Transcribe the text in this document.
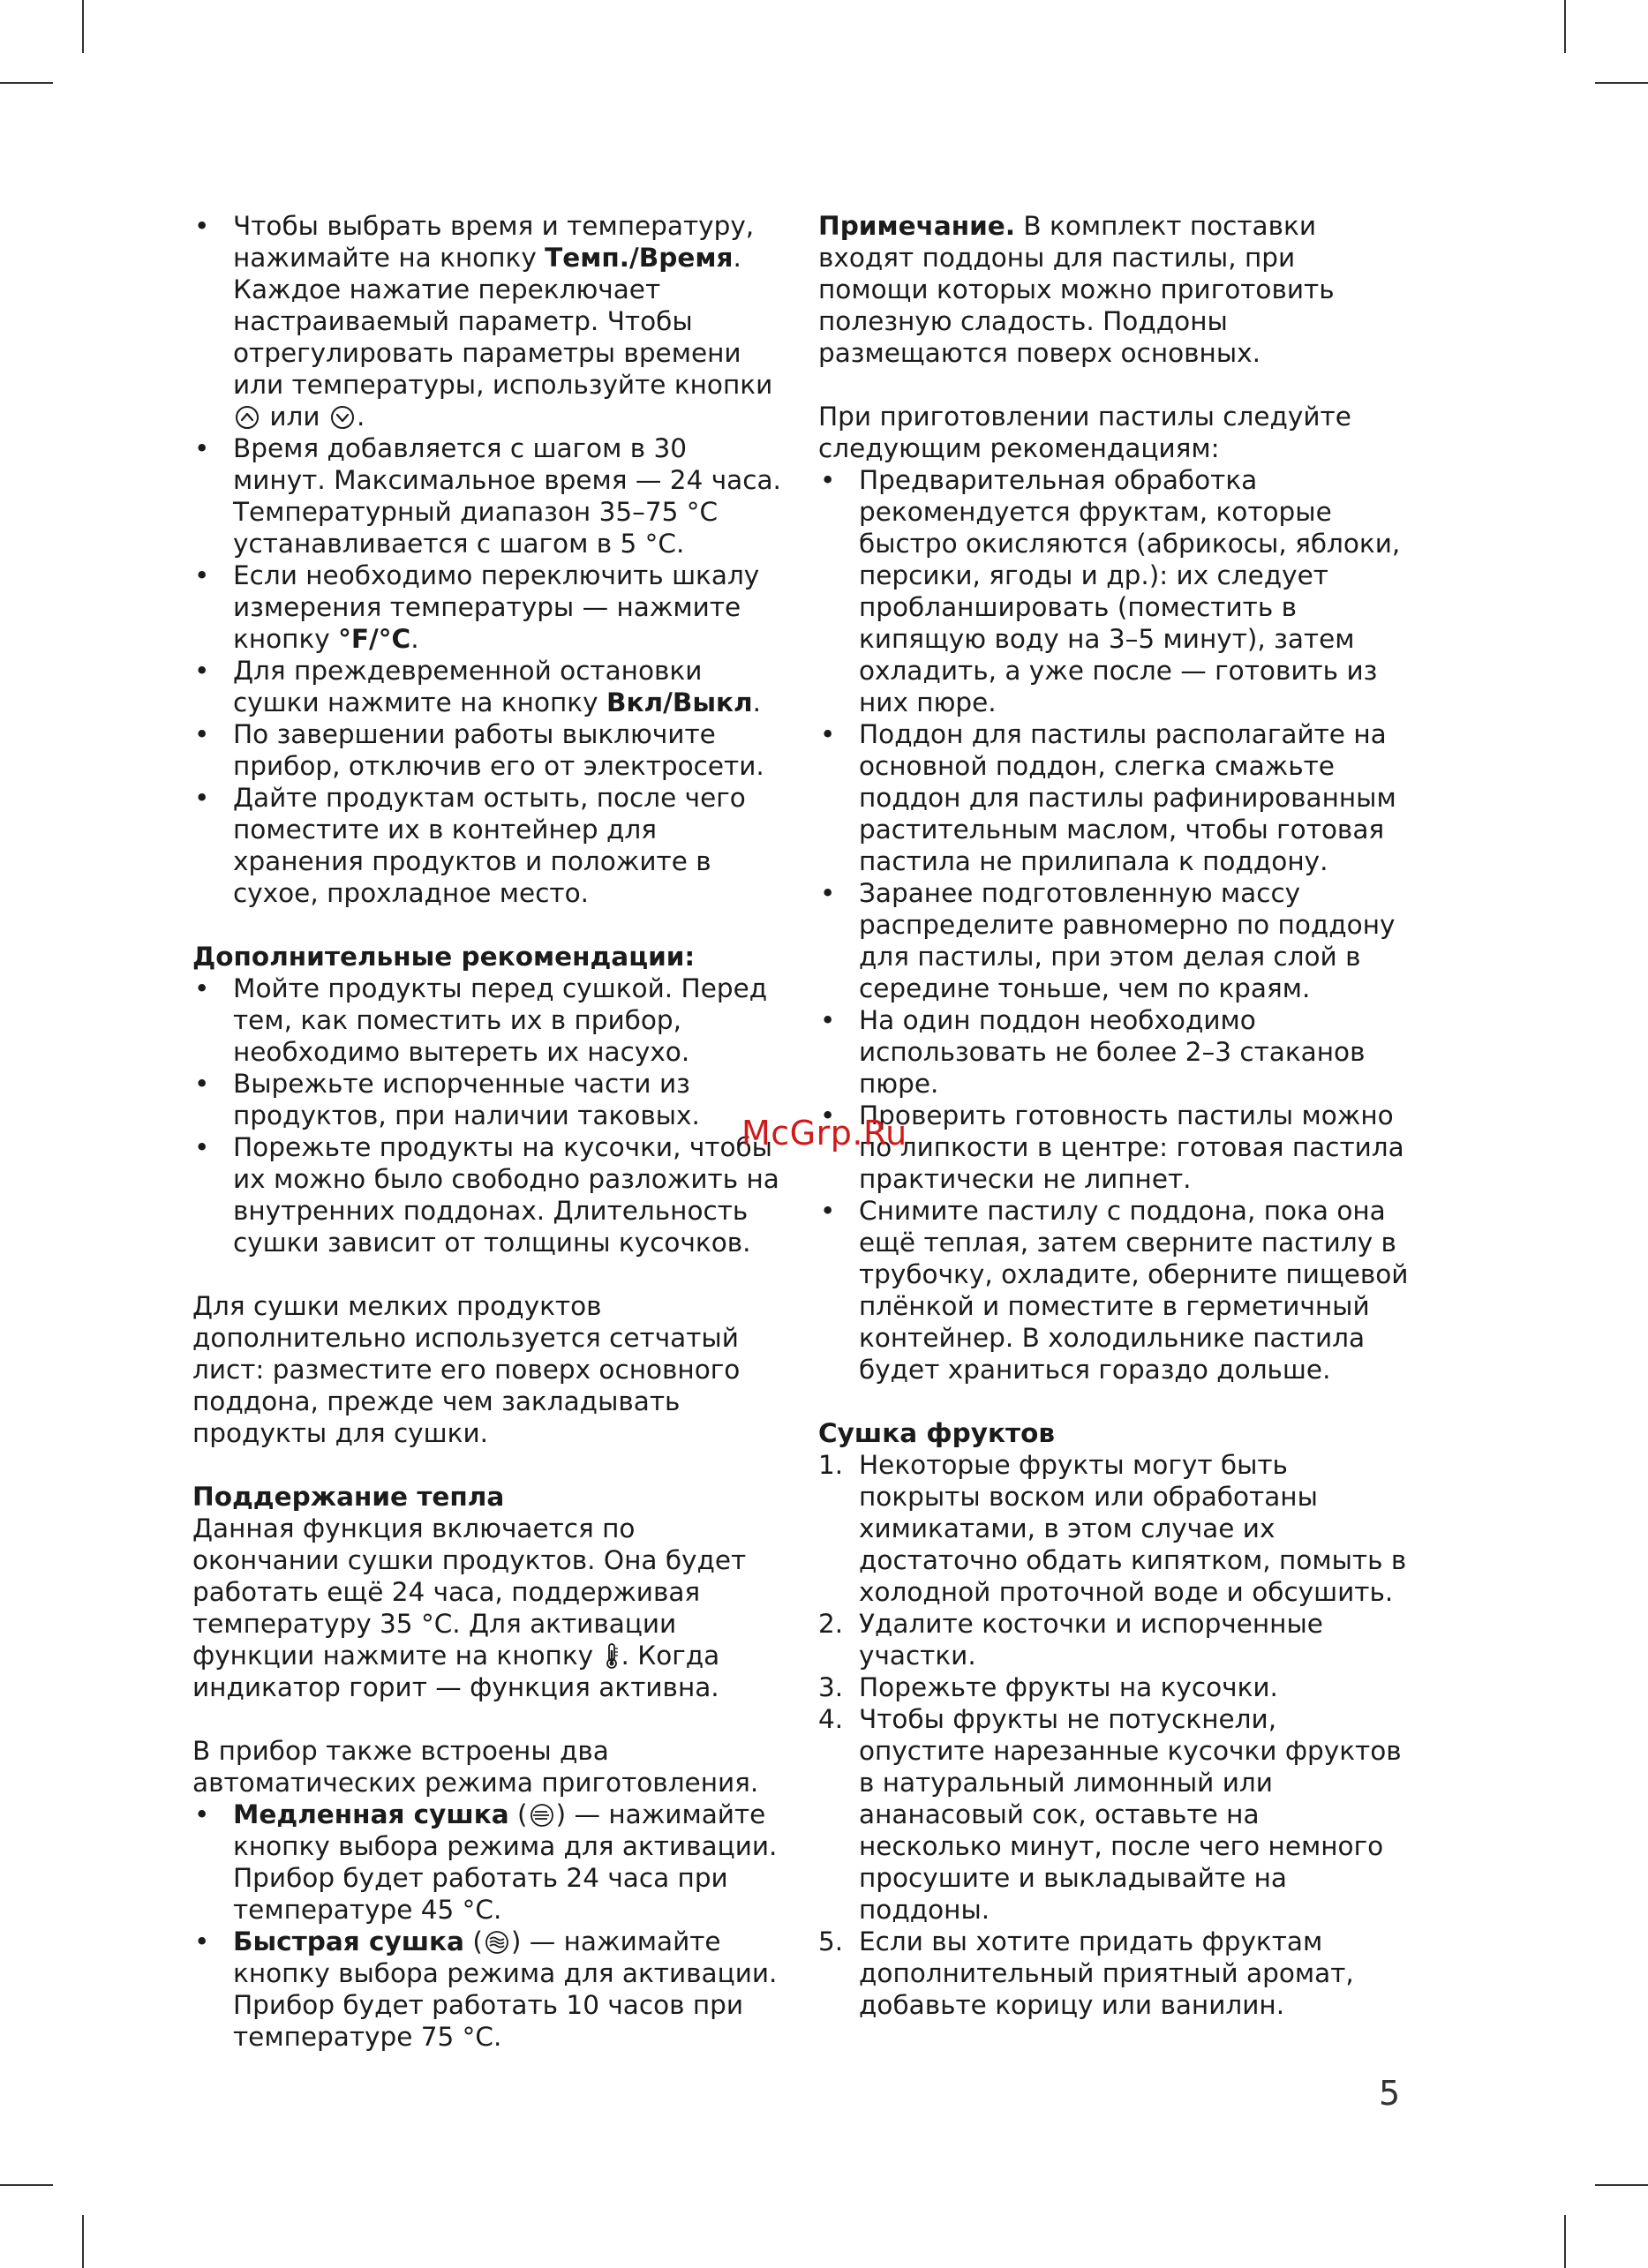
• Чтобы выбрать время и температуру, нажимайте на кнопку Темп./Время. Каждое нажатие переключает настраиваемый параметр. Чтобы отрегулировать параметры времени или температуры, используйте кнопки  или .
• Время добавляется с шагом в 30 минут. Максимальное время — 24 часа. Температурный диапазон 35–75 °C устанавливается с шагом в 5 °C.
• Если необходимо переключить шкалу измерения температуры — нажмите кнопку °F/°C.
• Для преждевременной остановки сушки нажмите на кнопку Вкл/Выкл.
• По завершении работы выключите прибор, отключив его от электросети.
• Дайте продуктам остыть, после чего поместите их в контейнер для хранения продуктов и положите в сухое, прохладное место.

Дополнительные рекомендации:

• Мойте продукты перед сушкой. Перед тем, как поместить их в прибор, необходимо вытереть их насухо.
• Вырежьте испорченные части из продуктов, при наличии таковых.
• Порежьте продукты на кусочки, чтобы их можно было свободно разложить на внутренних поддонах. Длительность сушки зависит от толщины кусочков.

Для сушки мелких продуктов дополнительно используется сетчатый лист: разместите его поверх основного поддона, прежде чем закладывать продукты для сушки.

Поддержание тепла

Данная функция включается по окончании сушки продуктов. Она будет работать ещё 24 часа, поддерживая температуру 35 °C. Для активации функции нажмите на кнопку . Когда индикатор горит — функция активна.

В прибор также встроены два автоматических режима приготовления.

• Медленная сушка ( ) — нажимайте кнопку выбора режима для активации. Прибор будет работать 24 часа при температуре 45 °C.
• Быстрая сушка ( ) — нажимайте кнопку выбора режима для активации. Прибор будет работать 10 часов при температуре 75 °C.

Примечание. В комплект поставки входят поддоны для пастилы, при помощи которых можно приготовить полезную сладость. Поддоны размещаются поверх основных.

При приготовлении пастилы следуйте следующим рекомендациям:

• Предварительная обработка рекомендуется фруктам, которые быстро окисляются (абрикосы, яблоки, персики, ягоды и др.): их следует пробланшировать (поместить в кипящую воду на 3–5 минут), затем охладить, а уже после — готовить из них пюре.
• Поддон для пастилы располагайте на основной поддон, слегка смажьте поддон для пастилы рафинированным растительным маслом, чтобы готовая пастила не прилипала к поддону.
• Заранее подготовленную массу распределите равномерно по поддону для пастилы, при этом делая слой в середине тоньше, чем по краям.
• На один поддон необходимо использовать не более 2–3 стаканов пюре.
• Проверить готовность пастилы можно по липкости в центре: готовая пастила практически не липнет.
• Снимите пастилу с поддона, пока она ещё теплая, затем сверните пастилу в трубочку, охладите, оберните пищевой плёнкой и поместите в герметичный контейнер. В холодильнике пастила будет храниться гораздо дольше.

Сушка фруктов

1. Некоторые фрукты могут быть покрыты воском или обработаны химикатами, в этом случае их достаточно обдать кипятком, помыть в холодной проточной воде и обсушить.
2. Удалите косточки и испорченные участки.
3. Порежьте фрукты на кусочки.
4. Чтобы фрукты не потускнели, опустите нарезанные кусочки фруктов в натуральный лимонный или ананасовый сок, оставьте на несколько минут, после чего немного просушите и выкладывайте на поддоны.
5. Если вы хотите придать фруктам дополнительный приятный аромат, добавьте корицу или ванилин.
McGrp.Ru
5
